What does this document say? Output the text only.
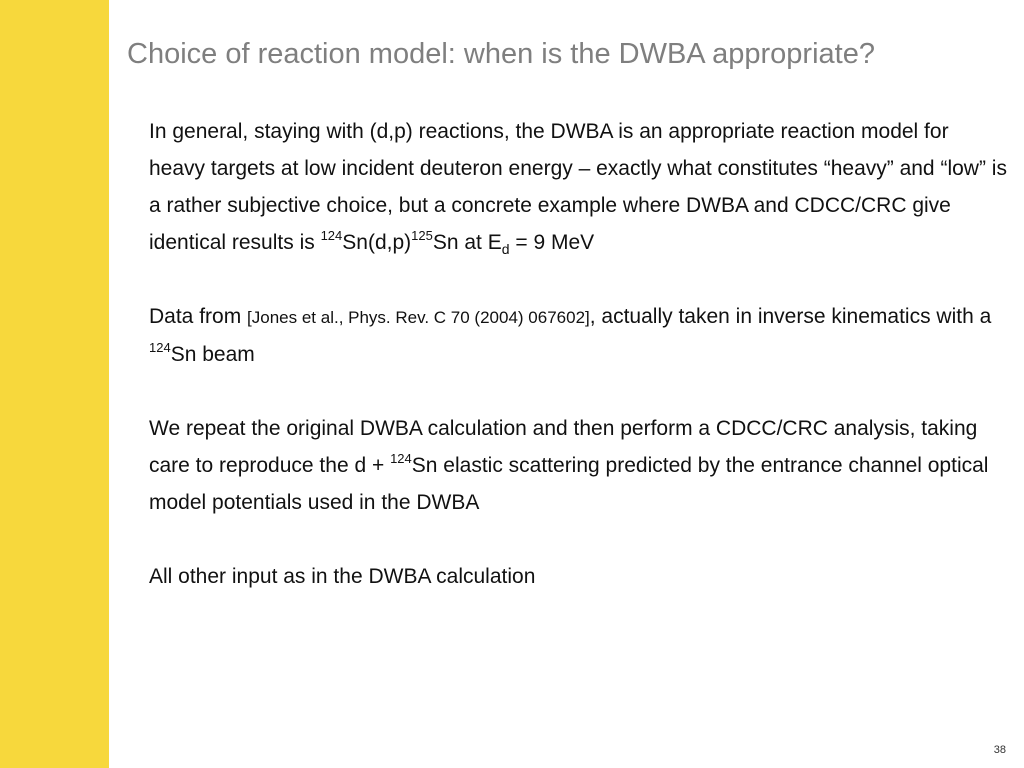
Choice of reaction model: when is the DWBA appropriate?

In general, staying with (d,p) reactions, the DWBA is an appropriate reaction model for heavy targets at low incident deuteron energy – exactly what constitutes “heavy” and “low” is a rather subjective choice, but a concrete example where DWBA and CDCC/CRC give identical results is $^{124}Sn(d,p)^{125}Sn$ at $E_d = 9$ MeV

Data from [Jones et al., Phys. Rev. C 70 (2004) 067602], actually taken in inverse kinematics with a $^{124}$Sn beam

We repeat the original DWBA calculation and then perform a CDCC/CRC analysis, taking care to reproduce the d + $^{124}$Sn elastic scattering predicted by the entrance channel optical model potentials used in the DWBA

All other input as in the DWBA calculation

38
